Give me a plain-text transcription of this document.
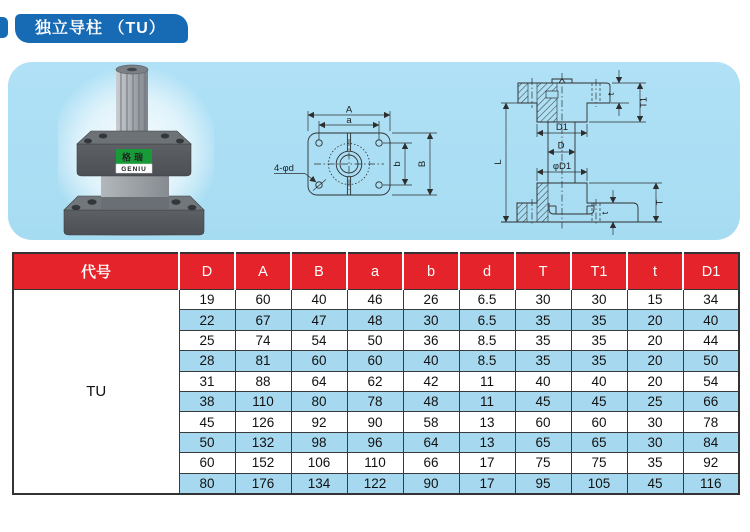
独立导柱 （TU）
格瑞
GENIU
A
a
b B
4-φd
L
D1
D
φD1
t
T1
T
t
代号	D	A	B	a	b	d	T	T1	t	D1
TU	19	60	40	46	26	6.5	30	30	15	34
	22	67	47	48	30	6.5	35	35	20	40
	25	74	54	50	36	8.5	35	35	20	44
	28	81	60	60	40	8.5	35	35	20	50
	31	88	64	62	42	11	40	40	20	54
	38	110	80	78	48	11	45	45	25	66
	45	126	92	90	58	13	60	60	30	78
	50	132	98	96	64	13	65	65	30	84
	60	152	106	110	66	17	75	75	35	92
	80	176	134	122	90	17	95	105	45	116
